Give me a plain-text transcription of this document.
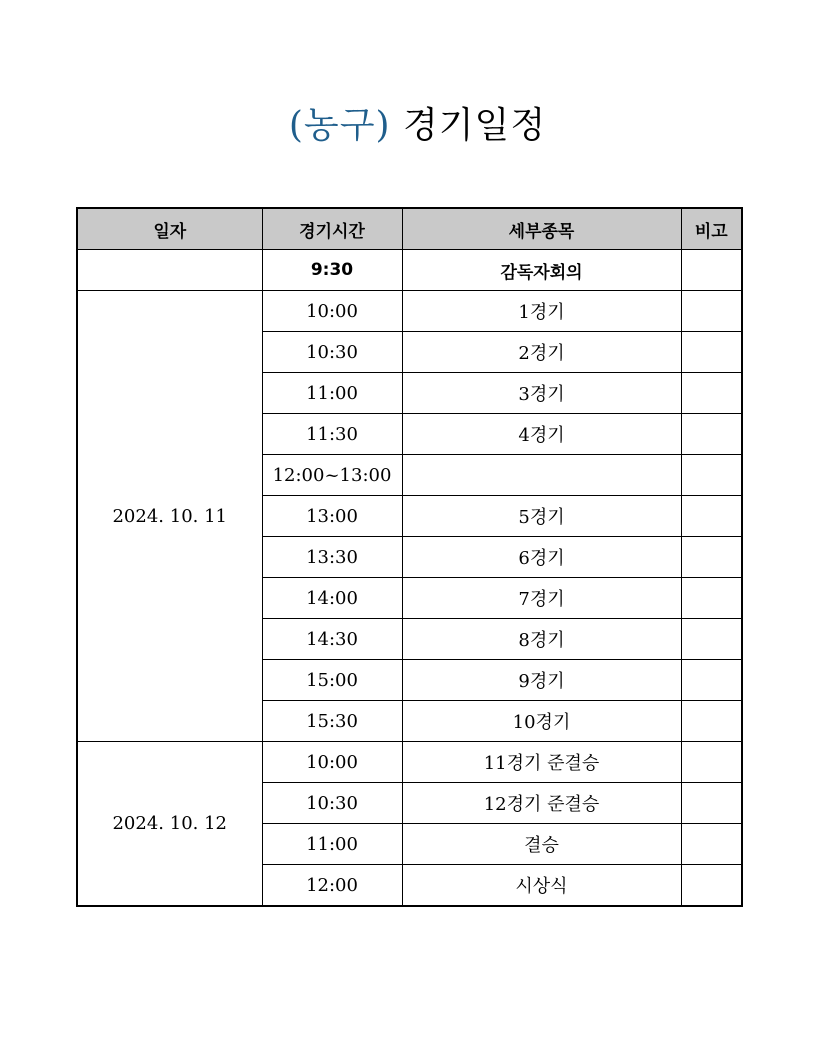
(농구) 경기일정
일자	경기시간	세부종목	비고
	9:30	감독자회의	
2024. 10. 11	10:00	1경기	
	10:30	2경기	
	11:00	3경기	
	11:30	4경기	
	12:00~13:00		
	13:00	5경기	
	13:30	6경기	
	14:00	7경기	
	14:30	8경기	
	15:00	9경기	
	15:30	10경기	
2024. 10. 12	10:00	11경기 준결승	
	10:30	12경기 준결승	
	11:00	결승	
	12:00	시상식	
